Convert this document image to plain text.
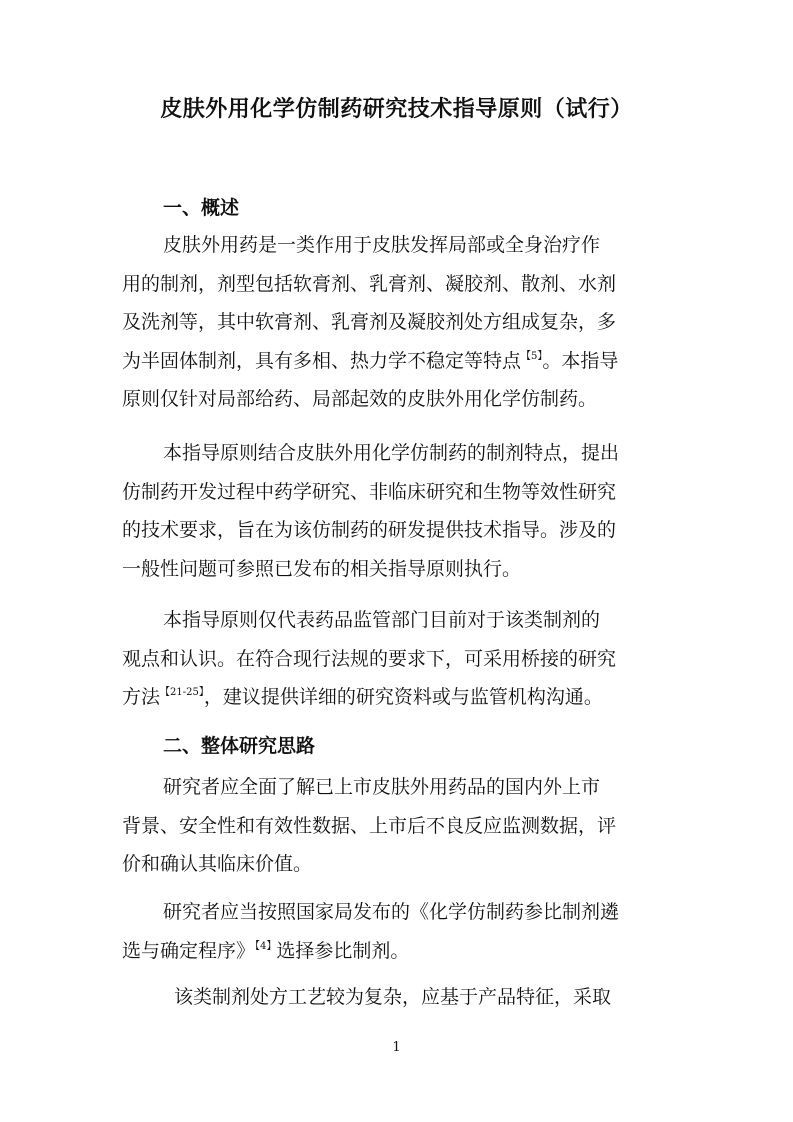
皮肤外用化学仿制药研究技术指导原则（试行）
一、概述

皮肤外用药是一类作用于皮肤发挥局部或全身治疗作
用的制剂，剂型包括软膏剂、乳膏剂、凝胶剂、散剂、水剂
及洗剂等，其中软膏剂、乳膏剂及凝胶剂处方组成复杂，多
为半固体制剂，具有多相、热力学不稳定等特点$^{【5】}$。本指导
原则仅针对局部给药、局部起效的皮肤外用化学仿制药。

本指导原则结合皮肤外用化学仿制药的制剂特点，提出
仿制药开发过程中药学研究、非临床研究和生物等效性研究
的技术要求，旨在为该仿制药的研发提供技术指导。涉及的
一般性问题可参照已发布的相关指导原则执行。

本指导原则仅代表药品监管部门目前对于该类制剂的
观点和认识。在符合现行法规的要求下，可采用桥接的研究
方法$^{【21-25】}$，建议提供详细的研究资料或与监管机构沟通。

二、整体研究思路

研究者应全面了解已上市皮肤外用药品的国内外上市
背景、安全性和有效性数据、上市后不良反应监测数据，评
价和确认其临床价值。

研究者应当按照国家局发布的《化学仿制药参比制剂遴
选与确定程序》$^{【4】}$选择参比制剂。

该类制剂处方工艺较为复杂，应基于产品特征，采取

1
